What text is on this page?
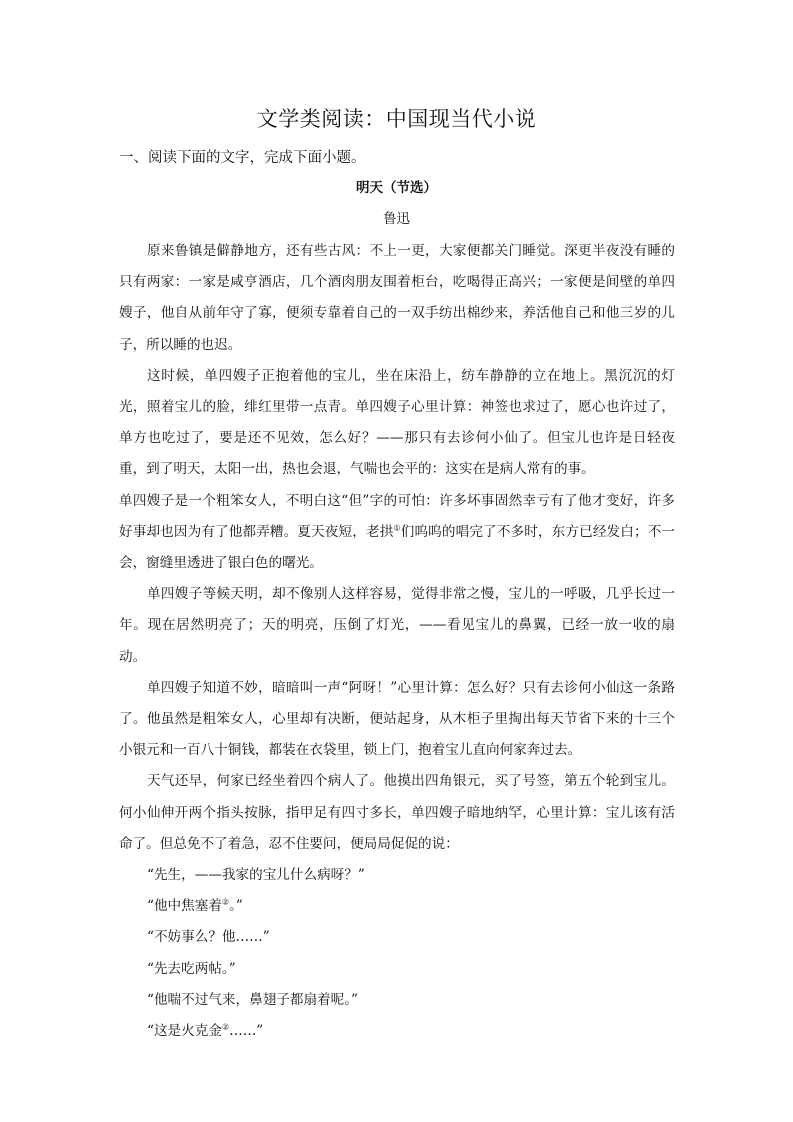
文学类阅读：中国现当代小说
一、阅读下面的文字，完成下面小题。
明天（节选）
鲁迅

原来鲁镇是僻静地方，还有些古风：不上一更，大家便都关门睡觉。深更半夜没有睡的只有两家：一家是咸亨酒店，几个酒肉朋友围着柜台，吃喝得正高兴；一家便是间壁的单四嫂子，他自从前年守了寡，便须专靠着自己的一双手纺出棉纱来，养活他自己和他三岁的儿子，所以睡的也迟。

这时候，单四嫂子正抱着他的宝儿，坐在床沿上，纺车静静的立在地上。黑沉沉的灯光，照着宝儿的脸，绯红里带一点青。单四嫂子心里计算：神签也求过了，愿心也许过了，单方也吃过了，要是还不见效，怎么好？——那只有去诊何小仙了。但宝儿也许是日轻夜重，到了明天，太阳一出，热也会退，气喘也会平的：这实在是病人常有的事。

单四嫂子是一个粗笨女人，不明白这“但”字的可怕：许多坏事固然幸亏有了他才变好，许多好事却也因为有了他都弄糟。夏天夜短，老拱①们呜呜的唱完了不多时，东方已经发白；不一会，窗缝里透进了银白色的曙光。

单四嫂子等候天明，却不像别人这样容易，觉得非常之慢，宝儿的一呼吸，几乎长过一年。现在居然明亮了；天的明亮，压倒了灯光，——看见宝儿的鼻翼，已经一放一收的扇动。

单四嫂子知道不妙，暗暗叫一声“阿呀！”心里计算：怎么好？只有去诊何小仙这一条路了。他虽然是粗笨女人，心里却有决断，便站起身，从木柜子里掏出每天节省下来的十三个小银元和一百八十铜钱，都装在衣袋里，锁上门，抱着宝儿直向何家奔过去。

天气还早，何家已经坐着四个病人了。他摸出四角银元，买了号签，第五个轮到宝儿。何小仙伸开两个指头按脉，指甲足有四寸多长，单四嫂子暗地纳罕，心里计算：宝儿该有活命了。但总免不了着急，忍不住要问，便局局促促的说：

“先生，——我家的宝儿什么病呀？”

“他中焦塞着②。”

“不妨事么？他……”

“先去吃两帖。”

“他喘不过气来，鼻翅子都扇着呢。”

“这是火克金②……”
